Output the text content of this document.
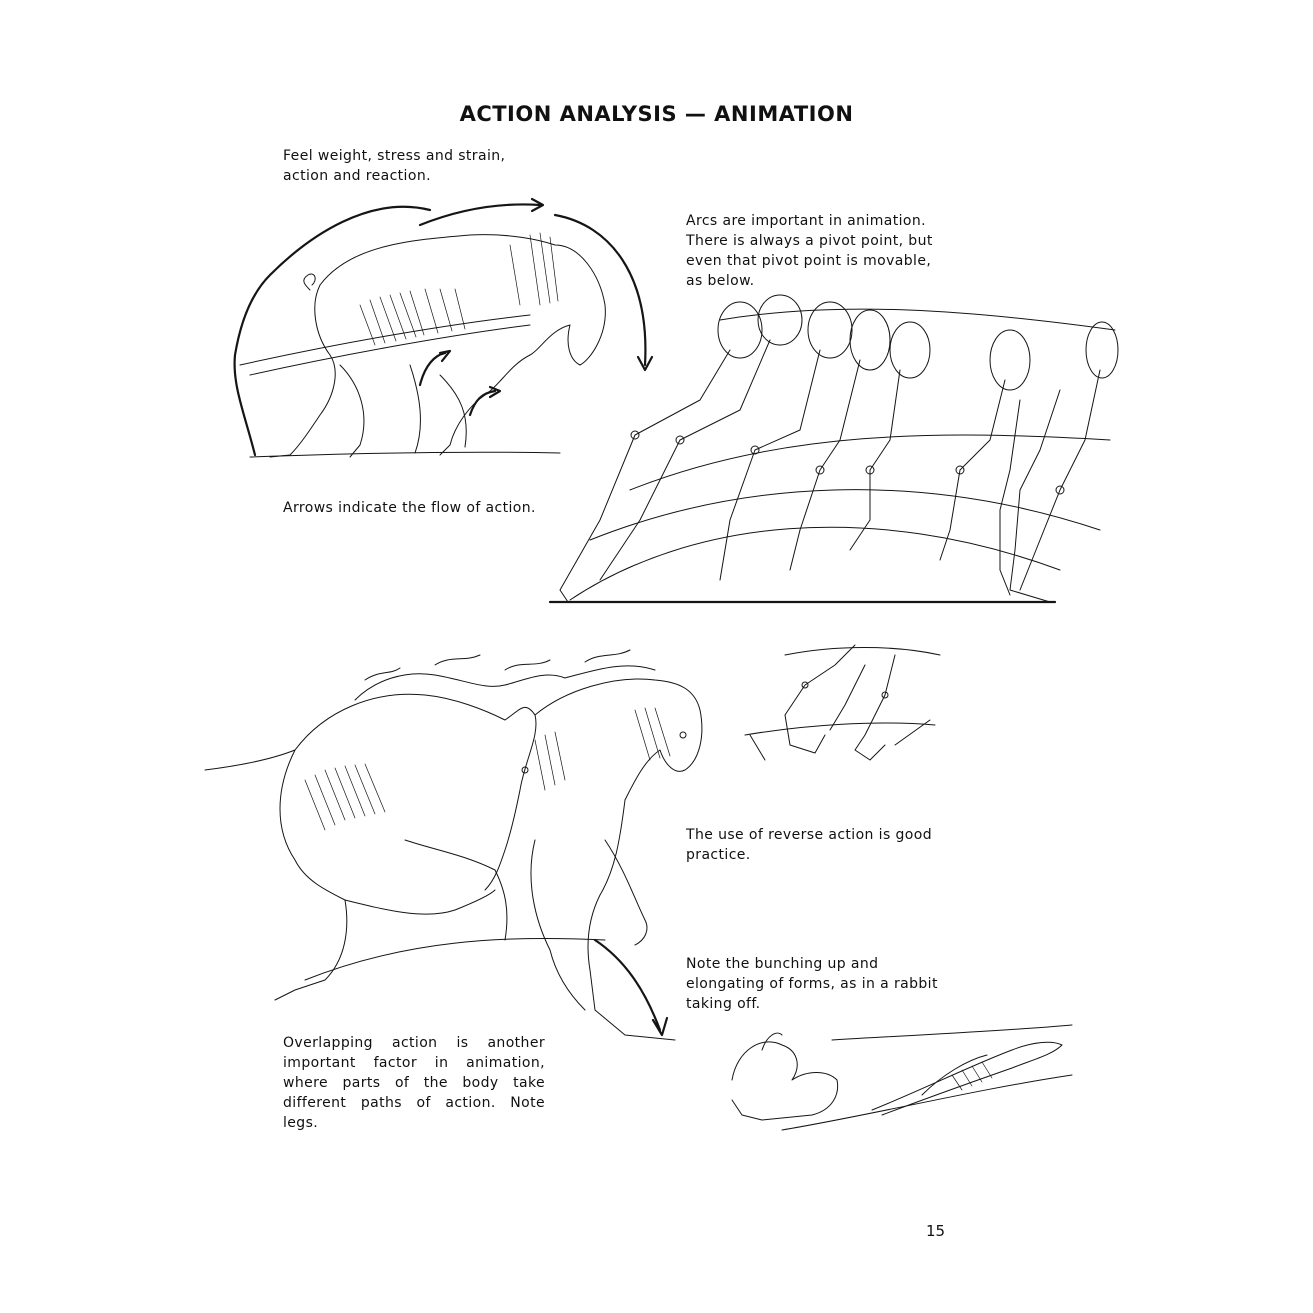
ACTION ANALYSIS — ANIMATION
Feel weight, stress and strain, action and reaction.
Arcs are important in animation. There is always a pivot point, but even that pivot point is movable, as below.
Arrows indicate the flow of action.
The use of reverse action is good practice.
Note the bunching up and elongating of forms, as in a rabbit taking off.
Overlapping action is another important factor in animation, where parts of the body take different paths of action. Note legs.
15
